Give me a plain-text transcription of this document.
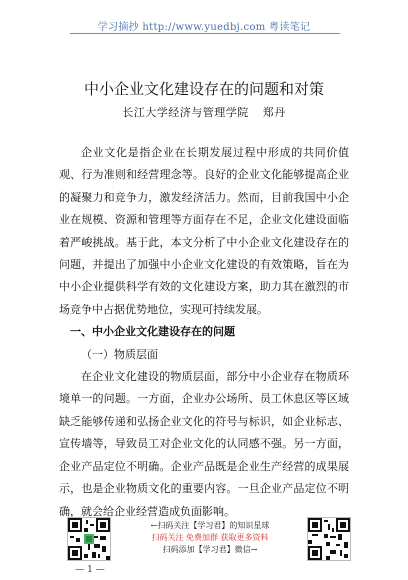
学习摘抄 http://www.yuedbj.com 粤读笔记
中小企业文化建设存在的问题和对策
长江大学经济与管理学院 郑丹

企业文化是指企业在长期发展过程中形成的共同价值观、行为准则和经营理念等。良好的企业文化能够提高企业的凝聚力和竞争力，激发经济活力。然而，目前我国中小企业在规模、资源和管理等方面存在不足，企业文化建设面临着严峻挑战。基于此，本文分析了中小企业文化建设存在的问题，并提出了加强中小企业文化建设的有效策略，旨在为中小企业提供科学有效的文化建设方案，助力其在激烈的市场竞争中占据优势地位，实现可持续发展。

一、中小企业文化建设存在的问题

（一）物质层面

在企业文化建设的物质层面，部分中小企业存在物质环境单一的问题。一方面，企业办公场所、员工休息区等区域缺乏能够传递和弘扬企业文化的符号与标识，如企业标志、宣传墙等，导致员工对企业文化的认同感不强。另一方面，企业产品定位不明确。企业产品既是企业生产经营的成果展示，也是企业物质文化的重要内容。一旦企业产品定位不明确，就会给企业经营造成负面影响。

←扫码关注【学习君】的知识星球
扫码关注 免费加群 获取更多资料
扫码添加【学习君】微信→
— 1 —
